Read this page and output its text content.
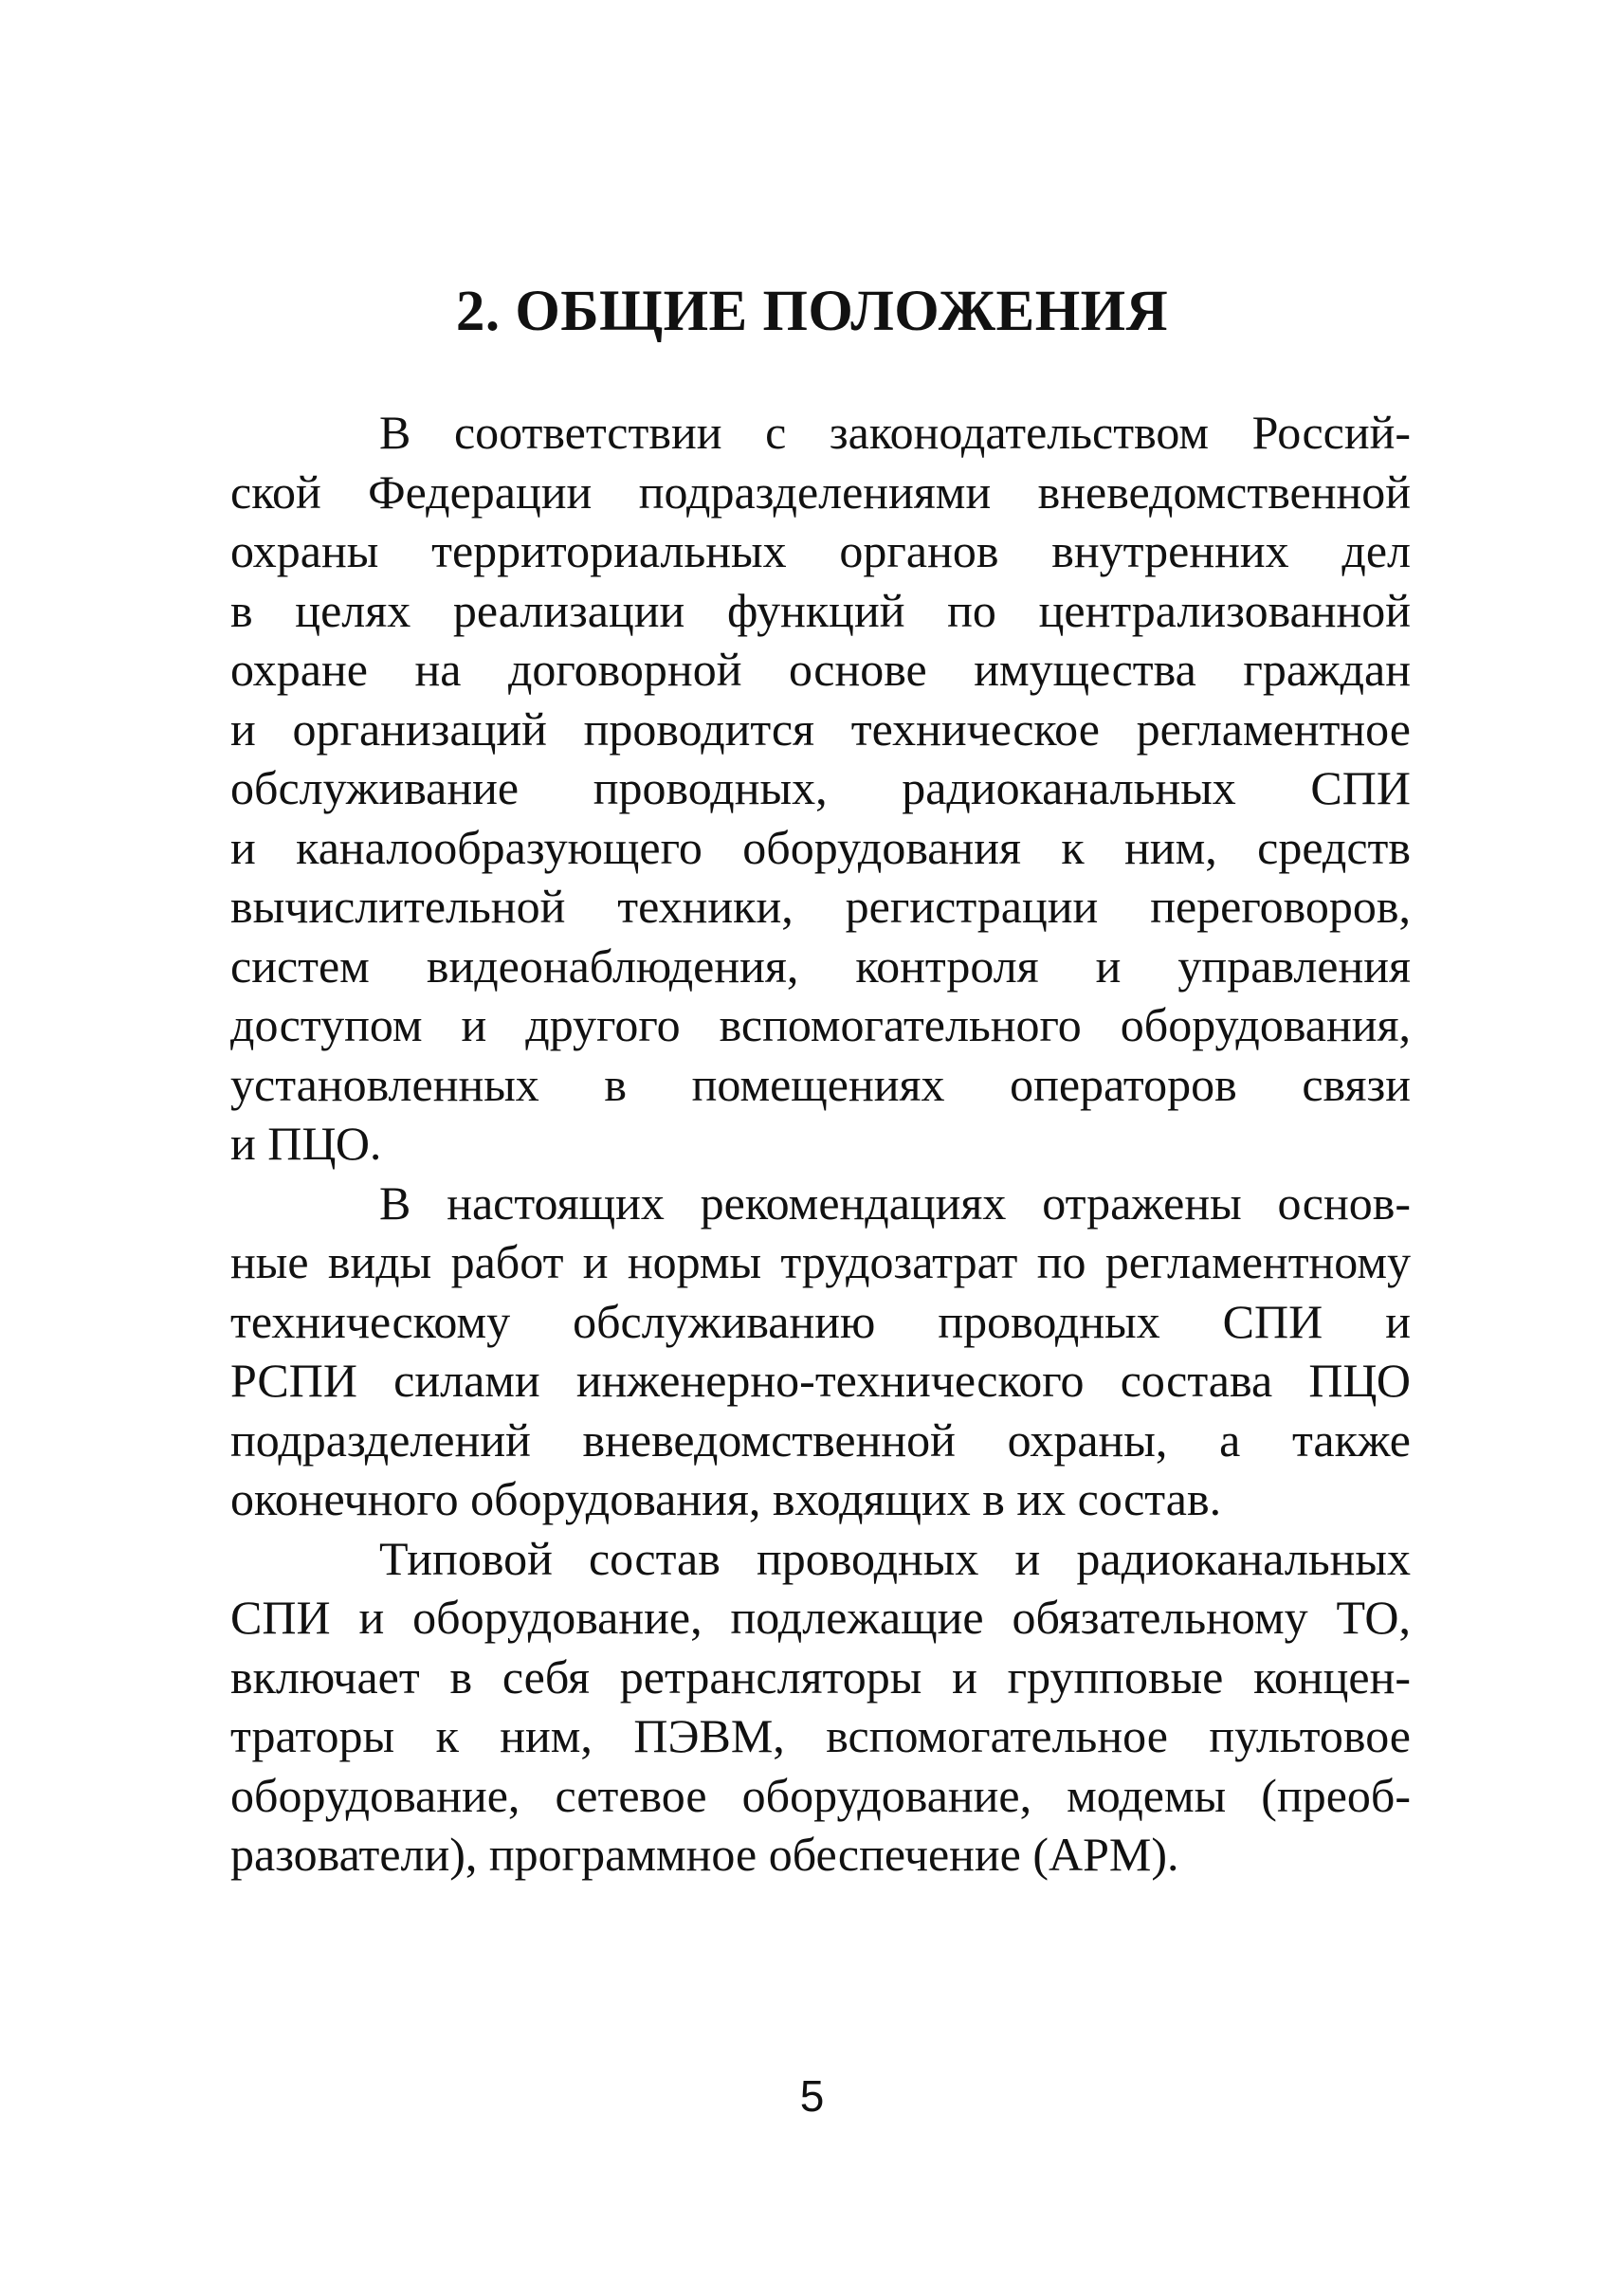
2. ОБЩИЕ ПОЛОЖЕНИЯ
В соответствии с законодательством Россий-
ской Федерации подразделениями вневедомственной
охраны территориальных органов внутренних дел
в целях реализации функций по централизованной
охране на договорной основе имущества граждан
и организаций проводится техническое регламентное
обслуживание проводных, радиоканальных СПИ
и каналообразующего оборудования к ним, средств
вычислительной техники, регистрации переговоров,
систем видеонаблюдения, контроля и управления
доступом и другого вспомогательного оборудования,
установленных в помещениях операторов связи
и ПЦО.
В настоящих рекомендациях отражены основ-
ные виды работ и нормы трудозатрат по регламентному
техническому обслуживанию проводных СПИ и
РСПИ силами инженерно-технического состава ПЦО
подразделений вневедомственной охраны, а также
оконечного оборудования, входящих в их состав.
Типовой состав проводных и радиоканальных
СПИ и оборудование, подлежащие обязательному ТО,
включает в себя ретрансляторы и групповые концен-
траторы к ним, ПЭВМ, вспомогательное пультовое
оборудование, сетевое оборудование, модемы (преоб-
разователи), программное обеспечение (АРМ).
5
